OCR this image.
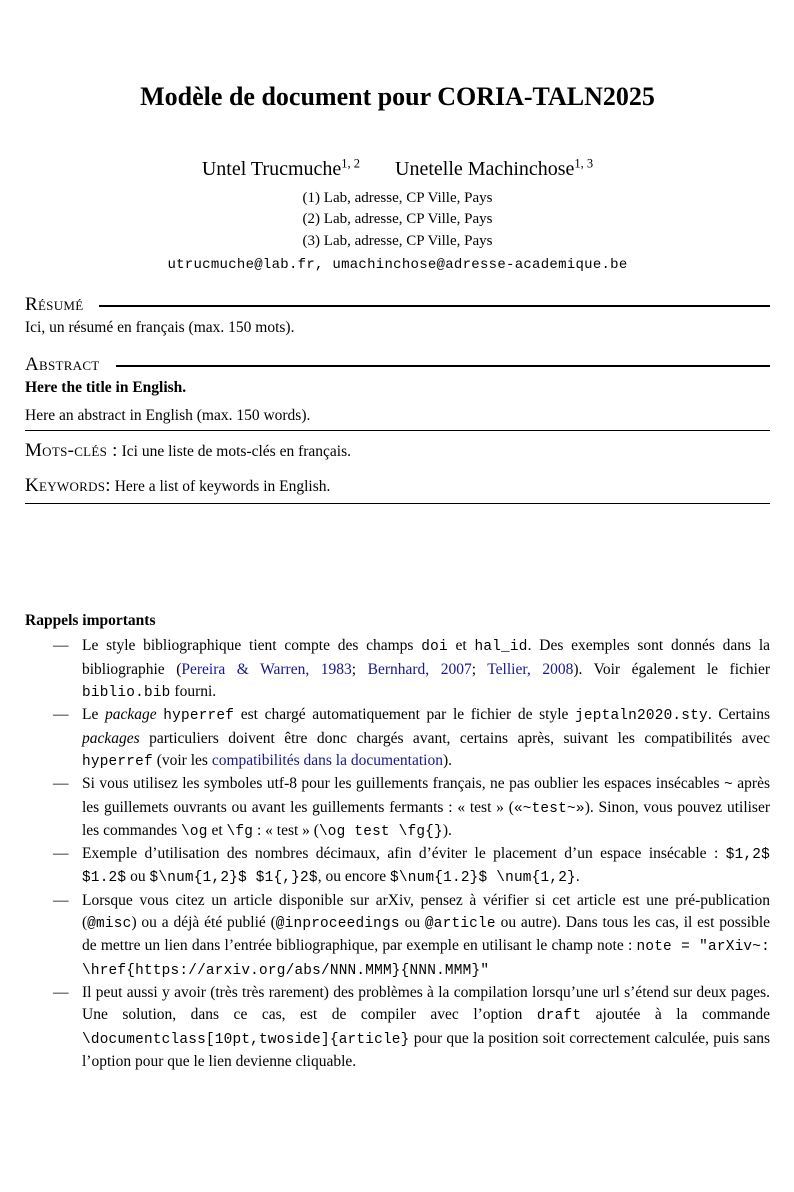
Modèle de document pour CORIA-TALN2025
Untel Trucmuche$^{1, 2}$ Unetelle Machinchose$^{1, 3}$
(1) Lab, adresse, CP Ville, Pays
(2) Lab, adresse, CP Ville, Pays
(3) Lab, adresse, CP Ville, Pays
utrucmuche@lab.fr, umachinchose@adresse-academique.be
Résumé

Ici, un résumé en français (max. 150 mots).

Abstract

Here the title in English.

Here an abstract in English (max. 150 words).

Mots-clés : Ici une liste de mots-clés en français.
Keywords: Here a list of keywords in English.
Rappels importants
— Le style bibliographique tient compte des champs doi et hal_id. Des exemples sont donnés dans la bibliographie (Pereira & Warren, 1983; Bernhard, 2007; Tellier, 2008). Voir également le fichier biblio.bib fourni.
— Le package hyperref est chargé automatiquement par le fichier de style jeptaln2020.sty. Certains packages particuliers doivent être donc chargés avant, certains après, suivant les compatibilités avec hyperref (voir les compatibilités dans la documentation).
— Si vous utilisez les symboles utf-8 pour les guillements français, ne pas oublier les espaces insécables ~ après les guillemets ouvrants ou avant les guillements fermants : « test » («~test~»). Sinon, vous pouvez utiliser les commandes \og et \fg : « test » (\og test \fg{}).
— Exemple d’utilisation des nombres décimaux, afin d’éviter le placement d’un espace insécable : $1,2$ $1.2$ ou $\num{1,2}$ $1{,}2$, ou encore $\num{1.2}$ \num{1,2}.
— Lorsque vous citez un article disponible sur arXiv, pensez à vérifier si cet article est une pré-publication (@misc) ou a déjà été publié (@inproceedings ou @article ou autre). Dans tous les cas, il est possible de mettre un lien dans l’entrée bibliographique, par exemple en utilisant le champ note : note = "arXiv~: \href{https://arxiv.org/abs/NNN.MMM}{NNN.MMM}"
— Il peut aussi y avoir (très très rarement) des problèmes à la compilation lorsqu’une url s’étend sur deux pages. Une solution, dans ce cas, est de compiler avec l’option draft ajoutée à la commande \documentclass[10pt,twoside]{article} pour que la position soit correctement calculée, puis sans l’option pour que le lien devienne cliquable.
